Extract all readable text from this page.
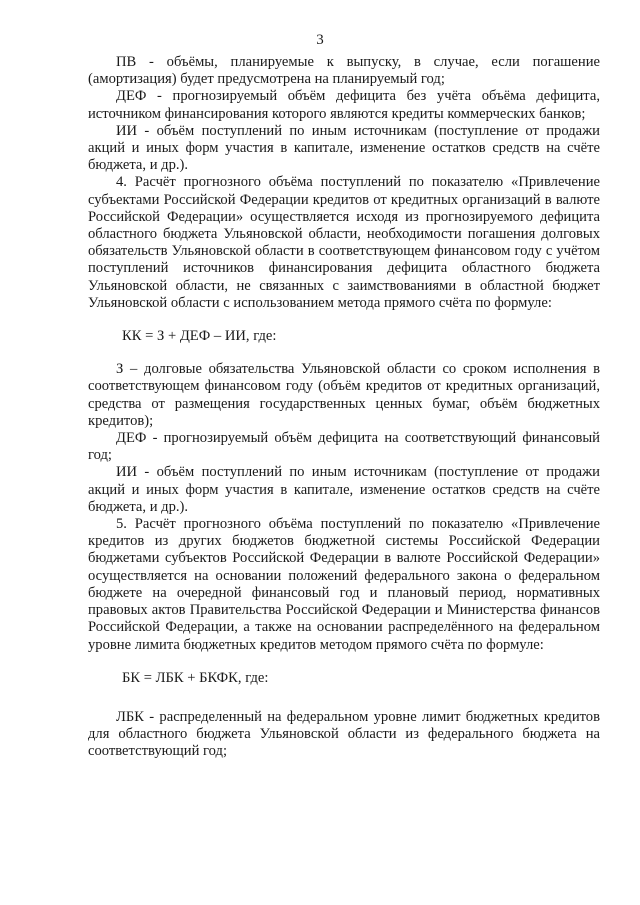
3

ПВ - объёмы, планируемые к выпуску, в случае, если погашение (амортизация) будет предусмотрена на планируемый год;

ДЕФ - прогнозируемый объём дефицита без учёта объёма дефицита, источником финансирования которого являются кредиты коммерческих банков;

ИИ - объём поступлений по иным источникам (поступление от продажи акций и иных форм участия в капитале, изменение остатков средств на счёте бюджета, и др.).

4. Расчёт прогнозного объёма поступлений по показателю «Привлечение субъектами Российской Федерации кредитов от кредитных организаций в валюте Российской Федерации» осуществляется исходя из прогнозируемого дефицита областного бюджета Ульяновской области, необходимости погашения долговых обязательств Ульяновской области в соответствующем финансовом году с учётом поступлений источников финансирования дефицита областного бюджета Ульяновской области, не связанных с заимствованиями в областной бюджет Ульяновской области с использованием метода прямого счёта по формуле:

КК = З + ДЕФ – ИИ, где:

З – долговые обязательства Ульяновской области со сроком исполнения в соответствующем финансовом году (объём кредитов от кредитных организаций, средства от размещения государственных ценных бумаг, объём бюджетных кредитов);

ДЕФ - прогнозируемый объём дефицита на соответствующий финансовый год;

ИИ - объём поступлений по иным источникам (поступление от продажи акций и иных форм участия в капитале, изменение остатков средств на счёте бюджета, и др.).

5. Расчёт прогнозного объёма поступлений по показателю «Привлечение кредитов из других бюджетов бюджетной системы Российской Федерации бюджетами субъектов Российской Федерации в валюте Российской Федерации» осуществляется на основании положений федерального закона о федеральном бюджете на очередной финансовый год и плановый период, нормативных правовых актов Правительства Российской Федерации и Министерства финансов Российской Федерации, а также на основании распределённого на федеральном уровне лимита бюджетных кредитов методом прямого счёта по формуле:

БК = ЛБК + БКФК, где:

ЛБК - распределенный на федеральном уровне лимит бюджетных кредитов для областного бюджета Ульяновской области из федерального бюджета на соответствующий год;
